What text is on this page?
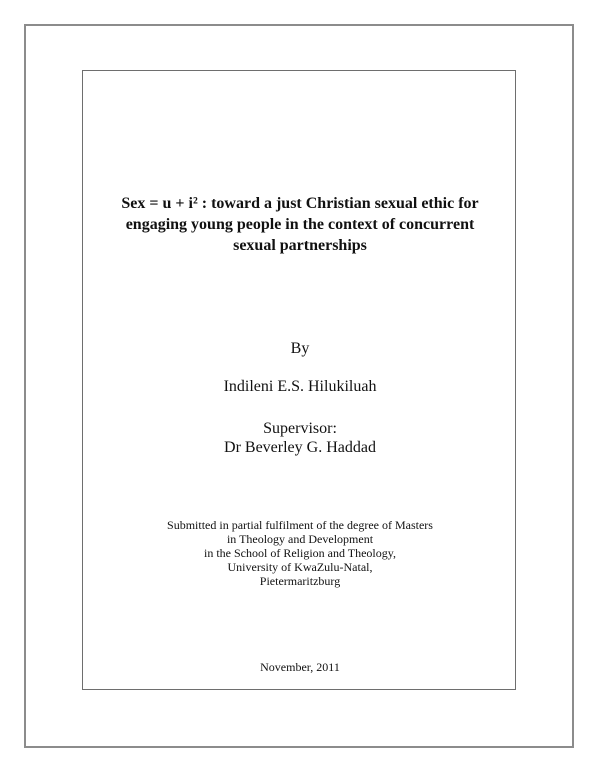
Sex = u + i² : toward a just Christian sexual ethic for
engaging young people in the context of concurrent
sexual partnerships
By
Indileni E.S. Hilukiluah
Supervisor:
Dr Beverley G. Haddad
Submitted in partial fulfilment of the degree of Masters
in Theology and Development
in the School of Religion and Theology,
University of KwaZulu-Natal,
Pietermaritzburg
November, 2011
